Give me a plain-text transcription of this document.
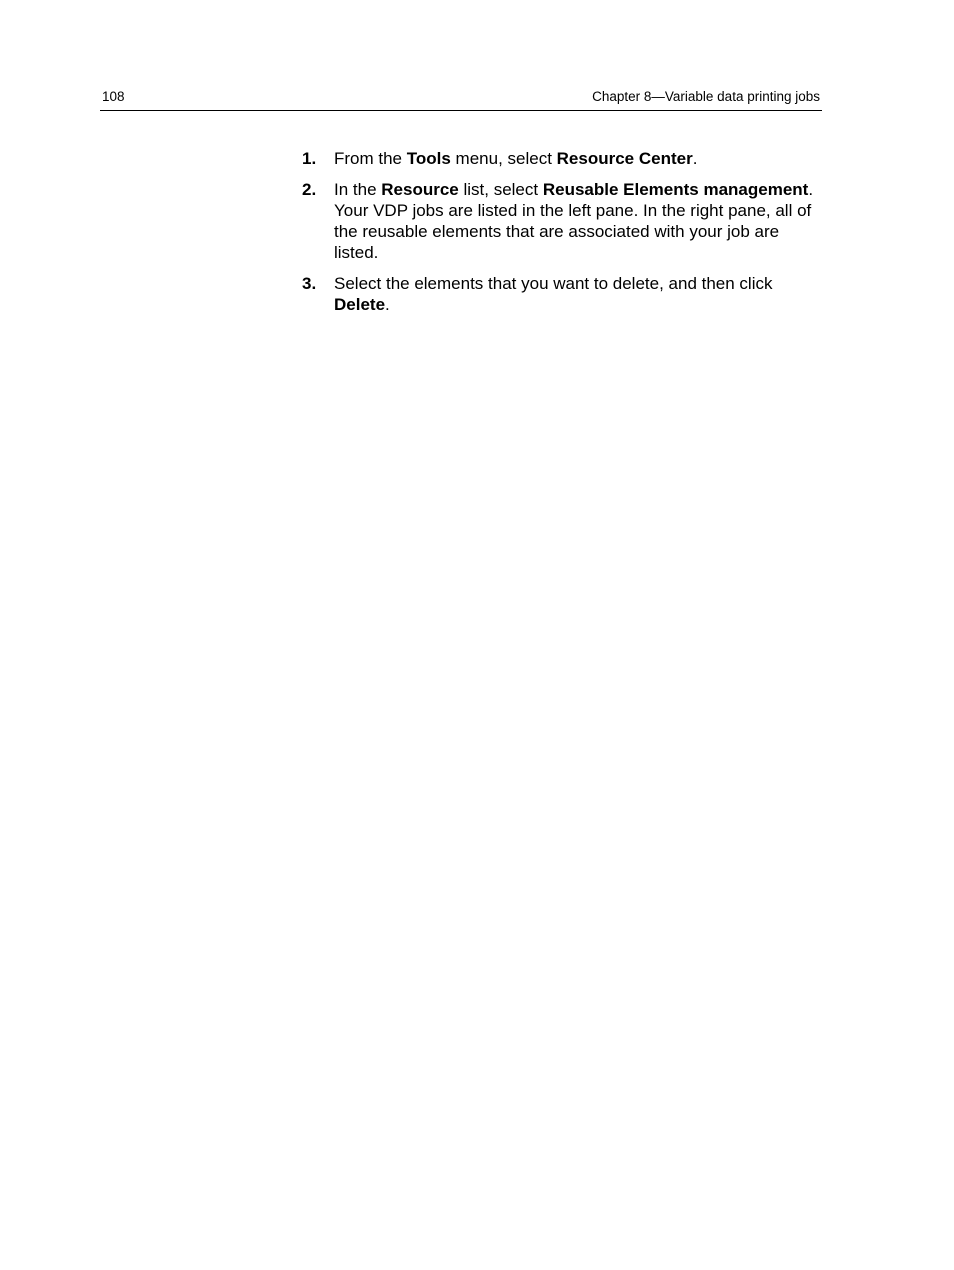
108	Chapter 8—Variable data printing jobs
1. From the Tools menu, select Resource Center.
2. In the Resource list, select Reusable Elements management.
Your VDP jobs are listed in the left pane. In the right pane, all of the reusable elements that are associated with your job are listed.
3. Select the elements that you want to delete, and then click Delete.
